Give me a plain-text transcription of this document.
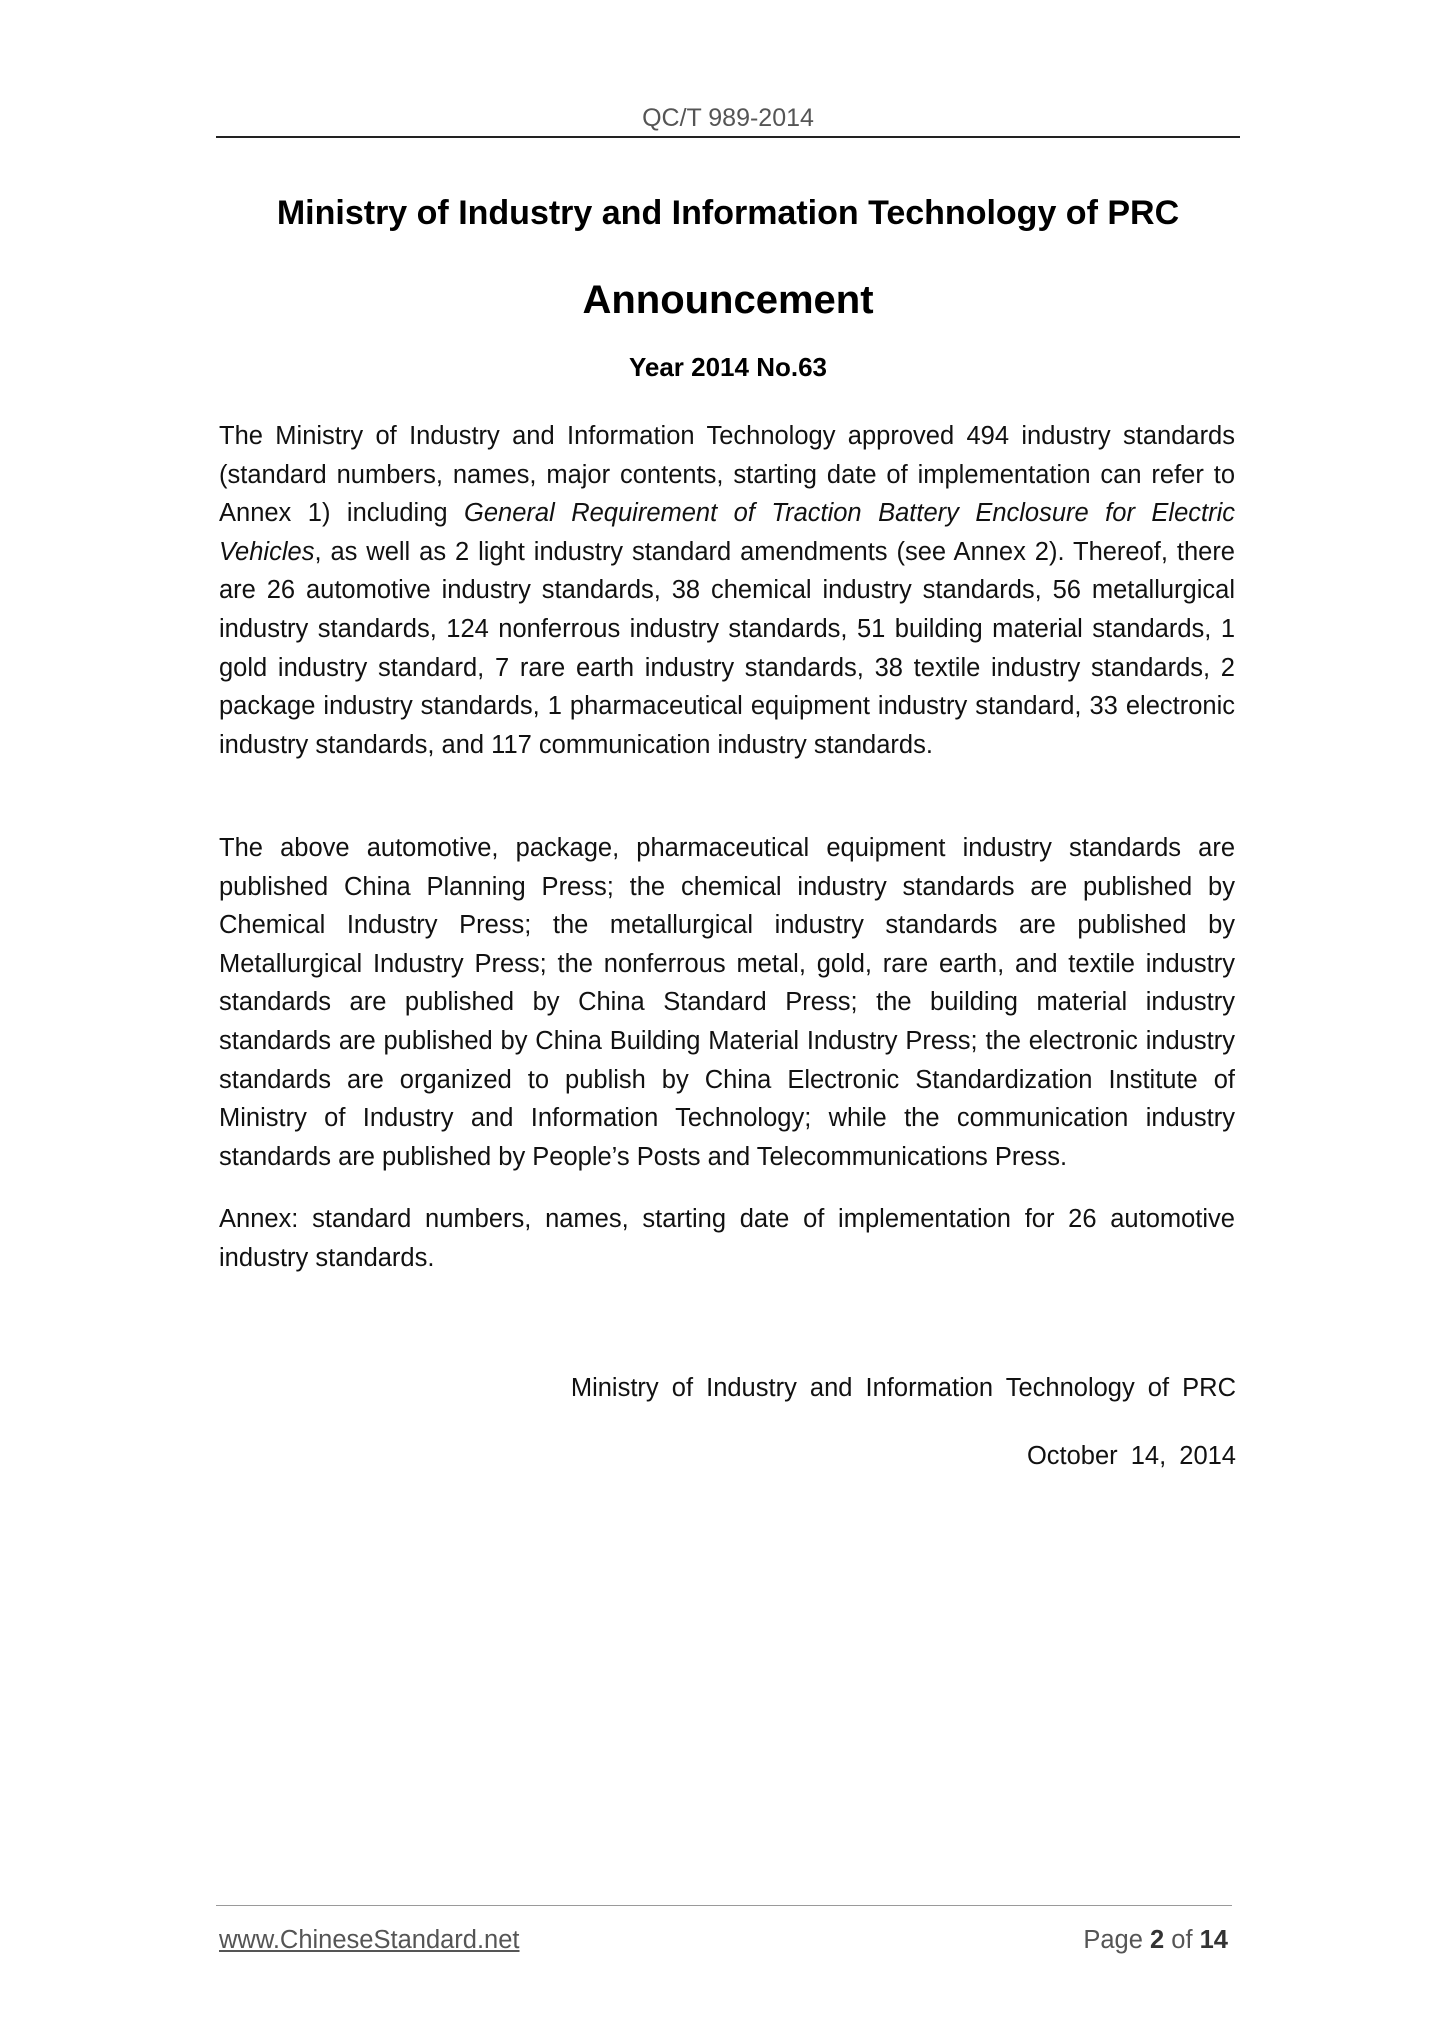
QC/T 989-2014
Ministry of Industry and Information Technology of PRC
Announcement
Year 2014 No.63

The Ministry of Industry and Information Technology approved 494 industry standards (standard numbers, names, major contents, starting date of implementation can refer to Annex 1) including General Requirement of Traction Battery Enclosure for Electric Vehicles, as well as 2 light industry standard amendments (see Annex 2). Thereof, there are 26 automotive industry standards, 38 chemical industry standards, 56 metallurgical industry standards, 124 nonferrous industry standards, 51 building material standards, 1 gold industry standard, 7 rare earth industry standards, 38 textile industry standards, 2 package industry standards, 1 pharmaceutical equipment industry standard, 33 electronic industry standards, and 117 communication industry standards.

The above automotive, package, pharmaceutical equipment industry standards are published China Planning Press; the chemical industry standards are published by Chemical Industry Press; the metallurgical industry standards are published by Metallurgical Industry Press; the nonferrous metal, gold, rare earth, and textile industry standards are published by China Standard Press; the building material industry standards are published by China Building Material Industry Press; the electronic industry standards are organized to publish by China Electronic Standardization Institute of Ministry of Industry and Information Technology; while the communication industry standards are published by People’s Posts and Telecommunications Press.

Annex: standard numbers, names, starting date of implementation for 26 automotive industry standards.

Ministry of Industry and Information Technology of PRC
October 14, 2014
www.ChineseStandard.net	Page 2 of 14
